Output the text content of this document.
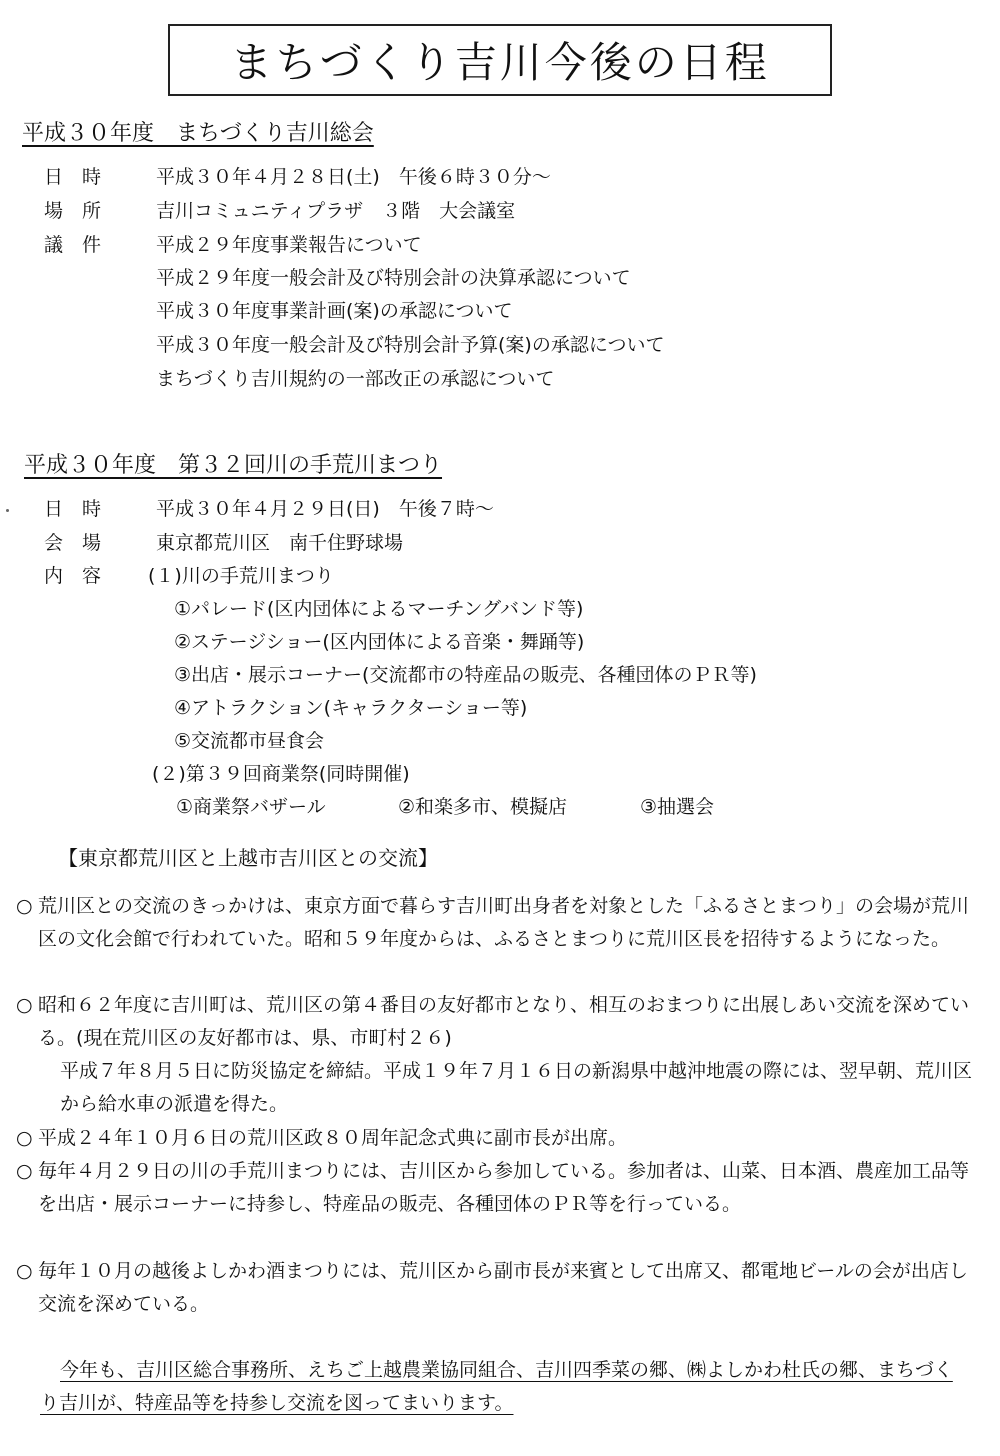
まちづくり吉川今後の日程
平成３０年度　まちづくり吉川総会
日　時	平成３０年４月２８日(土)　午後６時３０分～
場　所	吉川コミュニティプラザ　３階　大会議室
議　件	平成２９年度事業報告について
平成２９年度一般会計及び特別会計の決算承認について
平成３０年度事業計画(案)の承認について
平成３０年度一般会計及び特別会計予算(案)の承認について
まちづくり吉川規約の一部改正の承認について
平成３０年度　第３２回川の手荒川まつり
日　時	平成３０年４月２９日(日)　午後７時～
会　場	東京都荒川区　南千住野球場
内　容 (１)川の手荒川まつり
①パレード(区内団体によるマーチングバンド等)
②ステージショー(区内団体による音楽・舞踊等)
③出店・展示コーナー(交流都市の特産品の販売、各種団体のＰＲ等)
④アトラクション(キャラクターショー等)
⑤交流都市昼食会
(２)第３９回商業祭(同時開催)
①商業祭バザール	②和楽多市、模擬店	③抽選会
【東京都荒川区と上越市吉川区との交流】
○ 荒川区との交流のきっかけは、東京方面で暮らす吉川町出身者を対象とした「ふるさとまつり」の会場が荒川区の文化会館で行われていた。昭和５９年度からは、ふるさとまつりに荒川区長を招待するようになった。
○ 昭和６２年度に吉川町は、荒川区の第４番目の友好都市となり、相互のおまつりに出展しあい交流を深めている。(現在荒川区の友好都市は、県、市町村２６)
平成７年８月５日に防災協定を締結。平成１９年７月１６日の新潟県中越沖地震の際には、翌早朝、荒川区から給水車の派遣を得た。
○ 平成２４年１０月６日の荒川区政８０周年記念式典に副市長が出席。
○ 毎年４月２９日の川の手荒川まつりには、吉川区から参加している。参加者は、山菜、日本酒、農産加工品等を出店・展示コーナーに持参し、特産品の販売、各種団体のＰＲ等を行っている。
○ 毎年１０月の越後よしかわ酒まつりには、荒川区から副市長が来賓として出席又、都電地ビールの会が出店し交流を深めている。
今年も、吉川区総合事務所、えちご上越農業協同組合、吉川四季菜の郷、㈱よしかわ杜氏の郷、まちづくり吉川が、特産品等を持参し交流を図ってまいります。
